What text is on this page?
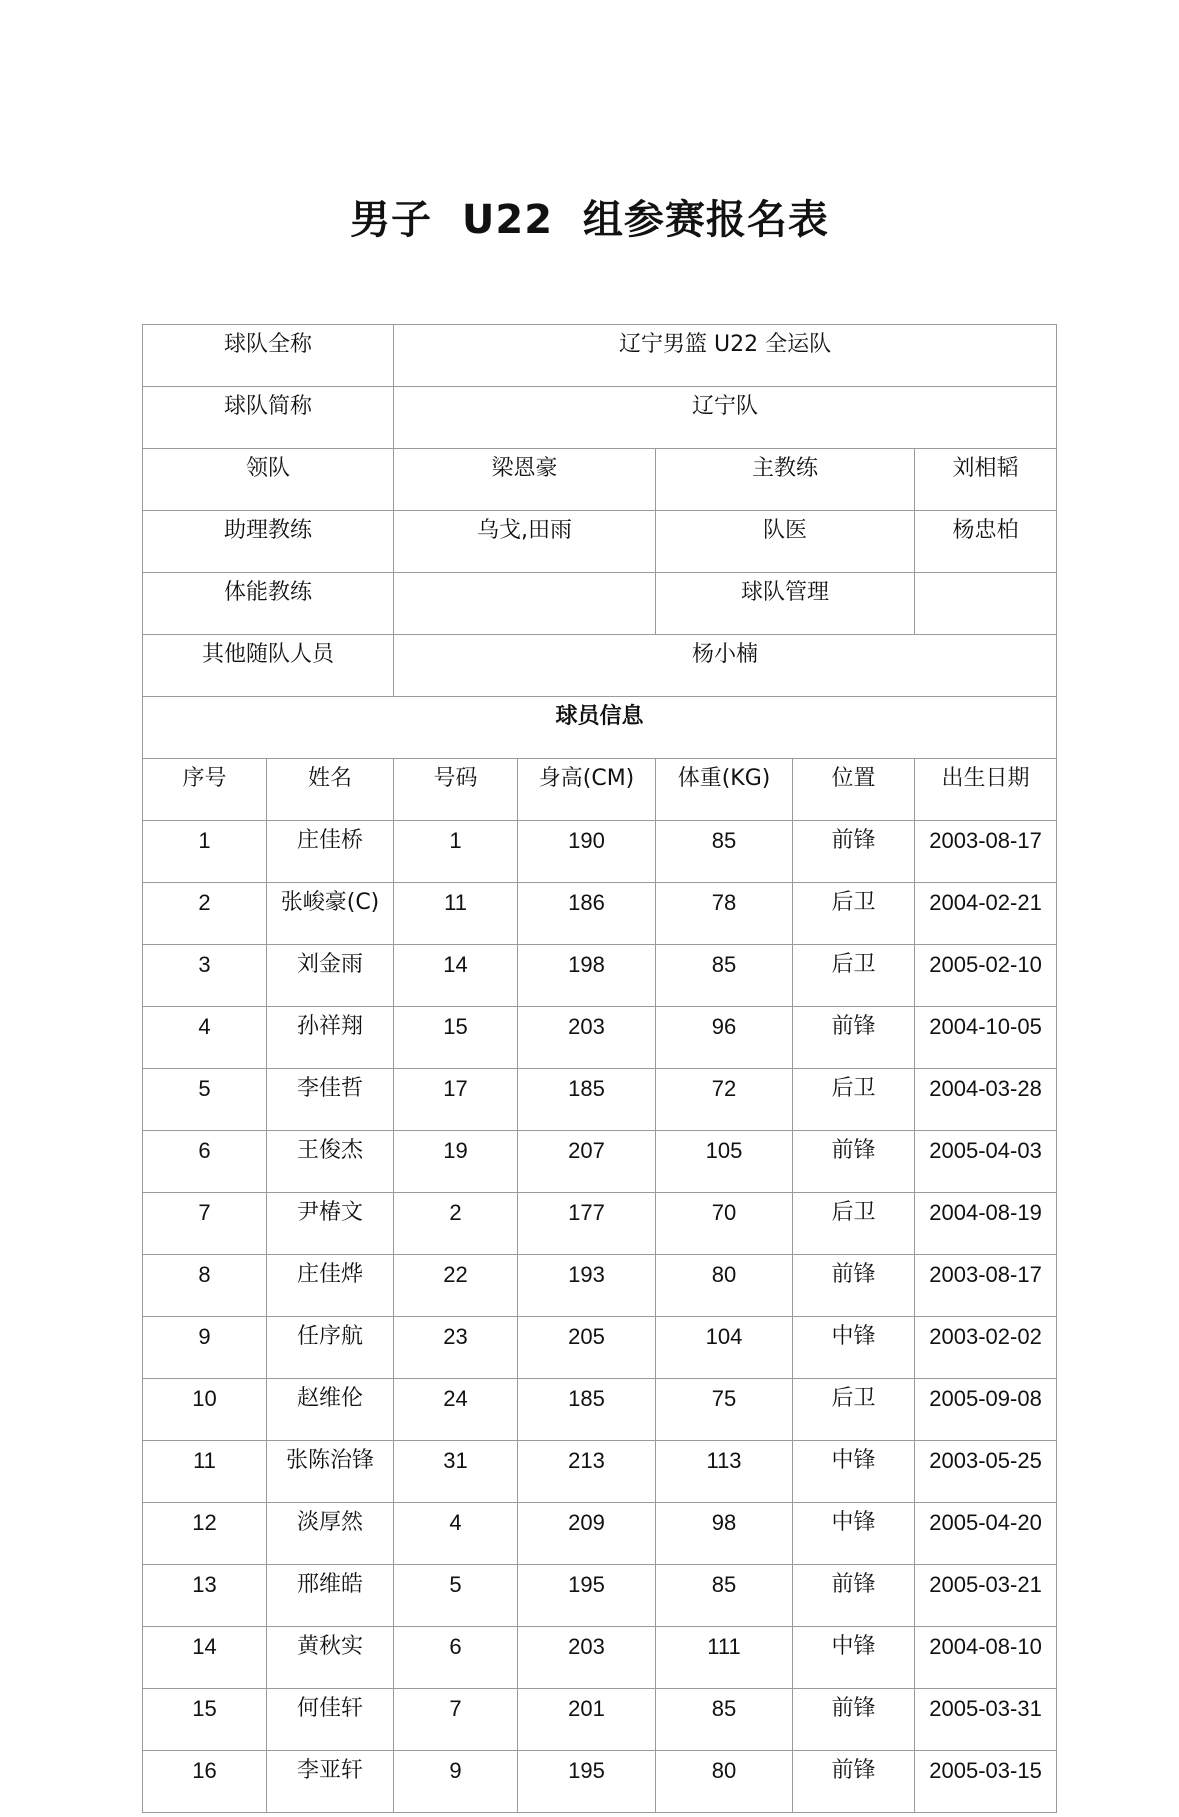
男子  U22  组参赛报名表
球队全称		辽宁男篮 U22 全运队				
球队简称		辽宁队				
领队		梁恩豪		主教练		刘相韬
助理教练		乌戈,田雨		队医		杨忠柏
体能教练				球队管理		
其他随队人员		杨小楠				
球员信息						
序号	姓名	号码	身高(CM)	体重(KG)	位置	出生日期
1	庄佳桥	1	190	85	前锋	2003-08-17
2	张峻豪(C)	11	186	78	后卫	2004-02-21
3	刘金雨	14	198	85	后卫	2005-02-10
4	孙祥翔	15	203	96	前锋	2004-10-05
5	李佳哲	17	185	72	后卫	2004-03-28
6	王俊杰	19	207	105	前锋	2005-04-03
7	尹椿文	2	177	70	后卫	2004-08-19
8	庄佳烨	22	193	80	前锋	2003-08-17
9	任序航	23	205	104	中锋	2003-02-02
10	赵维伦	24	185	75	后卫	2005-09-08
11	张陈治锋	31	213	113	中锋	2003-05-25
12	淡厚然	4	209	98	中锋	2005-04-20
13	邢维皓	5	195	85	前锋	2005-03-21
14	黄秋实	6	203	111	中锋	2004-08-10
15	何佳轩	7	201	85	前锋	2005-03-31
16	李亚轩	9	195	80	前锋	2005-03-15
